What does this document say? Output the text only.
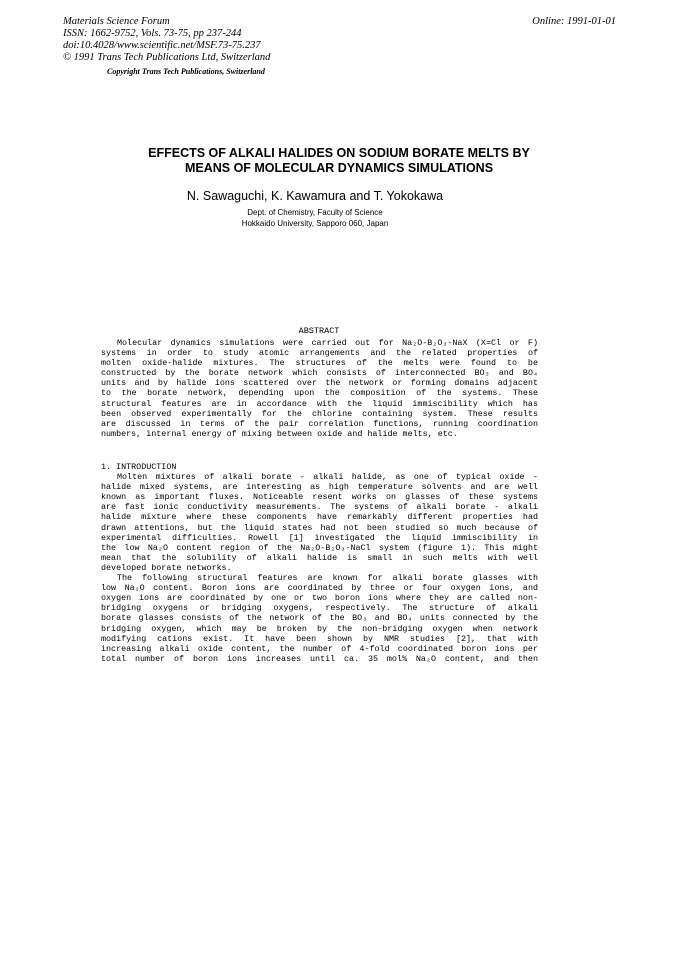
Materials Science Forum
ISSN: 1662-9752, Vols. 73-75, pp 237-244
doi:10.4028/www.scientific.net/MSF.73-75.237
© 1991 Trans Tech Publications Ltd, Switzerland
Online: 1991-01-01
Copyright Trans Tech Publications, Switzerland
EFFECTS OF ALKALI HALIDES ON SODIUM BORATE MELTS BY
MEANS OF MOLECULAR DYNAMICS SIMULATIONS
N. Sawaguchi, K. Kawamura and T. Yokokawa
Dept. of Chemistry, Faculty of Science
Hokkaido University, Sapporo 060, Japan
ABSTRACT
Molecular dynamics simulations were carried out for Na₂O-B₂O₃-NaX (X=Cl or F)
systems in order to study atomic arrangements and the related properties of
molten oxide-halide mixtures. The structures of the melts were found to be
constructed by the borate network which consists of interconnected BO₃ and BO₄
units and by halide ions scattered over the network or forming domains adjacent
to the borate network, depending upon the composition of the systems. These
structural features are in accordance with the liquid immiscibility which has
been observed experimentally for the chlorine containing system. These results
are discussed in terms of the pair correlation functions, running coordination
numbers, internal energy of mixing between oxide and halide melts, etc.
1. INTRODUCTION
Molten mixtures of alkali borate - alkali halide, as one of typical oxide -
halide mixed systems, are interesting as high temperature solvents and are well
known as important fluxes. Noticeable resent works on glasses of these systems
are fast ionic conductivity measurements. The systems of alkali borate - alkali
halide mixture where these components have remarkably different properties had
drawn attentions, but the liquid states had not been studied so much because of
experimental difficulties. Rowell [1] investigated the liquid immiscibility in
the low Na₂O content region of the Na₂O-B₂O₃-NaCl system (figure 1). This might
mean that the solubility of alkali halide is small in such melts with well
developed borate networks.
The following structural features are known for alkali borate glasses with
low Na₂O content. Boron ions are coordinated by three or four oxygen ions, and
oxygen ions are coordinated by one or two boron ions where they are called non-
bridging oxygens or bridging oxygens, respectively. The structure of alkali
borate glasses consists of the network of the BO₃ and BO₄ units connected by the
bridging oxygen, which may be broken by the non-bridging oxygen when network
modifying cations exist. It have been shown by NMR studies [2], that with
increasing alkali oxide content, the number of 4-fold coordinated boron ions per
total number of boron ions increases until ca. 35 mol% Na₂O content, and then
